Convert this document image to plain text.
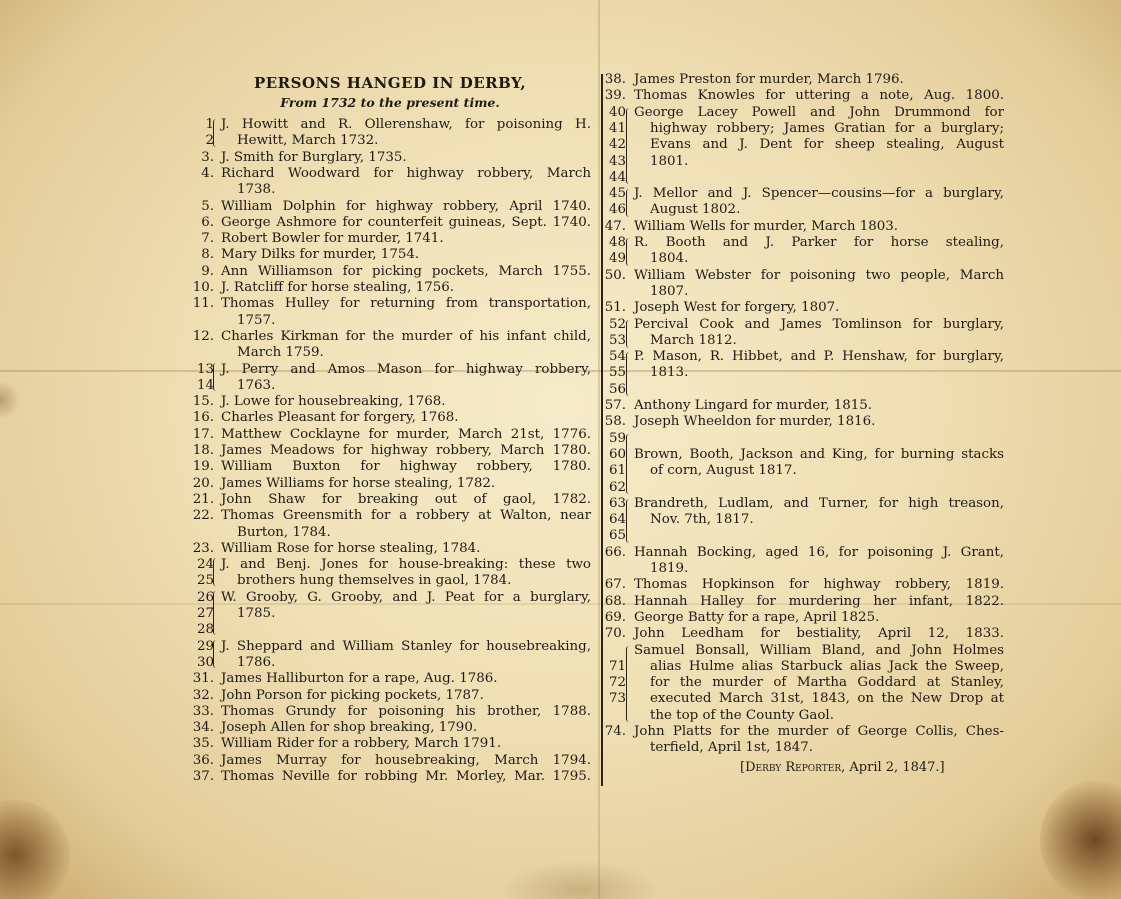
PERSONS HANGED IN DERBY,
From 1732 to the present time.
1 J. Howitt and R. Ollerenshaw, for poisoning H.
2 Hewitt, March 1732.
3. J. Smith for Burglary, 1735.
4. Richard Woodward for highway robbery, March
1738.
5. William Dolphin for highway robbery, April 1740.
6. George Ashmore for counterfeit guineas, Sept. 1740.
7. Robert Bowler for murder, 1741.
8. Mary Dilks for murder, 1754.
9. Ann Williamson for picking pockets, March 1755.
10. J. Ratcliff for horse stealing, 1756.
11. Thomas Hulley for returning from transportation,
1757.
12. Charles Kirkman for the murder of his infant child,
March 1759.
13 J. Perry and Amos Mason for highway robbery,
14 1763.
15. J. Lowe for housebreaking, 1768.
16. Charles Pleasant for forgery, 1768.
17. Matthew Cocklayne for murder, March 21st, 1776.
18. James Meadows for highway robbery, March 1780.
19. William Buxton for highway robbery, 1780.
20. James Williams for horse stealing, 1782.
21. John Shaw for breaking out of gaol, 1782.
22. Thomas Greensmith for a robbery at Walton, near
Burton, 1784.
23. William Rose for horse stealing, 1784.
24 J. and Benj. Jones for house-breaking: these two
25 brothers hung themselves in gaol, 1784.
26 W. Grooby, G. Grooby, and J. Peat for a burglary,
27 1785.
28
29 J. Sheppard and William Stanley for housebreaking,
30 1786.
31. James Halliburton for a rape, Aug. 1786.
32. John Porson for picking pockets, 1787.
33. Thomas Grundy for poisoning his brother, 1788.
34. Joseph Allen for shop breaking, 1790.
35. William Rider for a robbery, March 1791.
36. James Murray for housebreaking, March 1794.
37. Thomas Neville for robbing Mr. Morley, Mar. 1795.
38. James Preston for murder, March 1796.
39. Thomas Knowles for uttering a note, Aug. 1800.
40 George Lacey Powell and John Drummond for
41 highway robbery; James Gratian for a burglary;
42 Evans and J. Dent for sheep stealing, August
43 1801.
44
45 J. Mellor and J. Spencer—cousins—for a burglary,
46 August 1802.
47. William Wells for murder, March 1803.
48 R. Booth and J. Parker for horse stealing,
49 1804.
50. William Webster for poisoning two people, March
1807.
51. Joseph West for forgery, 1807.
52 Percival Cook and James Tomlinson for burglary,
53 March 1812.
54 P. Mason, R. Hibbet, and P. Henshaw, for burglary,
55 1813.
56
57. Anthony Lingard for murder, 1815.
58. Joseph Wheeldon for murder, 1816.
59
60 Brown, Booth, Jackson and King, for burning stacks
61 of corn, August 1817.
62
63 Brandreth, Ludlam, and Turner, for high treason,
64 Nov. 7th, 1817.
65
66. Hannah Bocking, aged 16, for poisoning J. Grant,
1819.
67. Thomas Hopkinson for highway robbery, 1819.
68. Hannah Halley for murdering her infant, 1822.
69. George Batty for a rape, April 1825.
70. John Leedham for bestiality, April 12, 1833.
Samuel Bonsall, William Bland, and John Holmes
71 alias Hulme alias Starbuck alias Jack the Sweep,
72 for the murder of Martha Goddard at Stanley,
73 executed March 31st, 1843, on the New Drop at
the top of the County Gaol.
74. John Platts for the murder of George Collis, Ches-
terfield, April 1st, 1847.
[Derby Reporter, April 2, 1847.]
